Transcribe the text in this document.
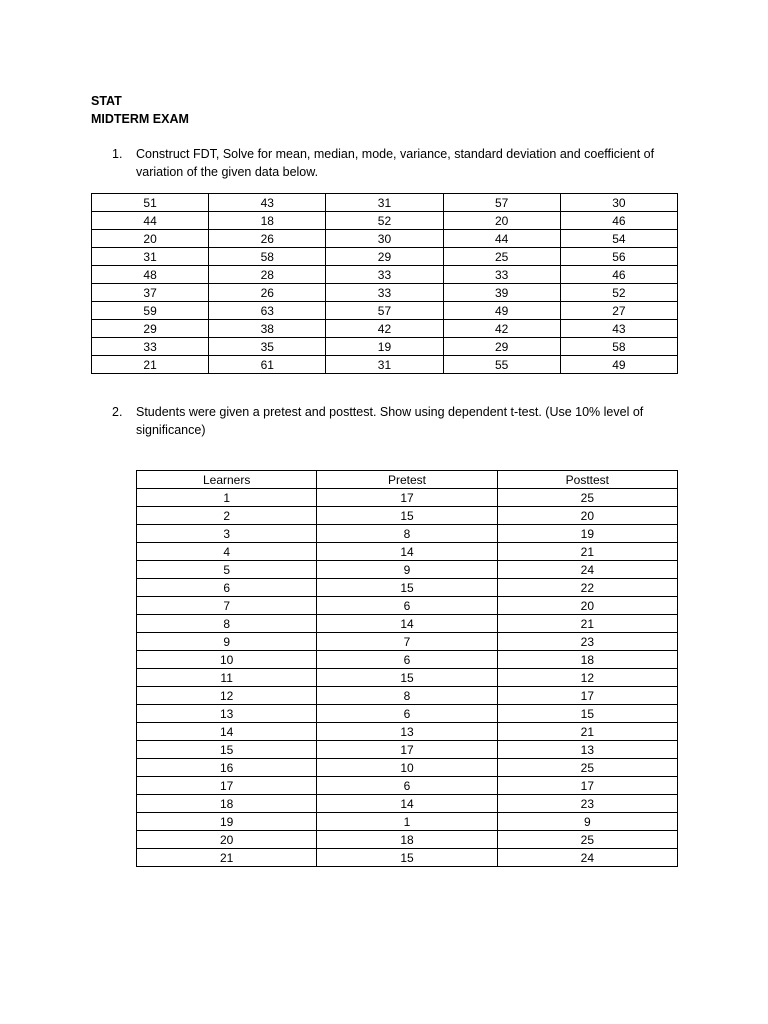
STAT
MIDTERM EXAM
1. Construct FDT, Solve for mean, median, mode, variance, standard deviation and coefficient of variation of the given data below.
51	43	31	57	30
44	18	52	20	46
20	26	30	44	54
31	58	29	25	56
48	28	33	33	46
37	26	33	39	52
59	63	57	49	27
29	38	42	42	43
33	35	19	29	58
21	61	31	55	49
2. Students were given a pretest and posttest. Show using dependent t-test. (Use 10% level of significance)
Learners	Pretest	Posttest
1	17	25
2	15	20
3	8	19
4	14	21
5	9	24
6	15	22
7	6	20
8	14	21
9	7	23
10	6	18
11	15	12
12	8	17
13	6	15
14	13	21
15	17	13
16	10	25
17	6	17
18	14	23
19	1	9
20	18	25
21	15	24
